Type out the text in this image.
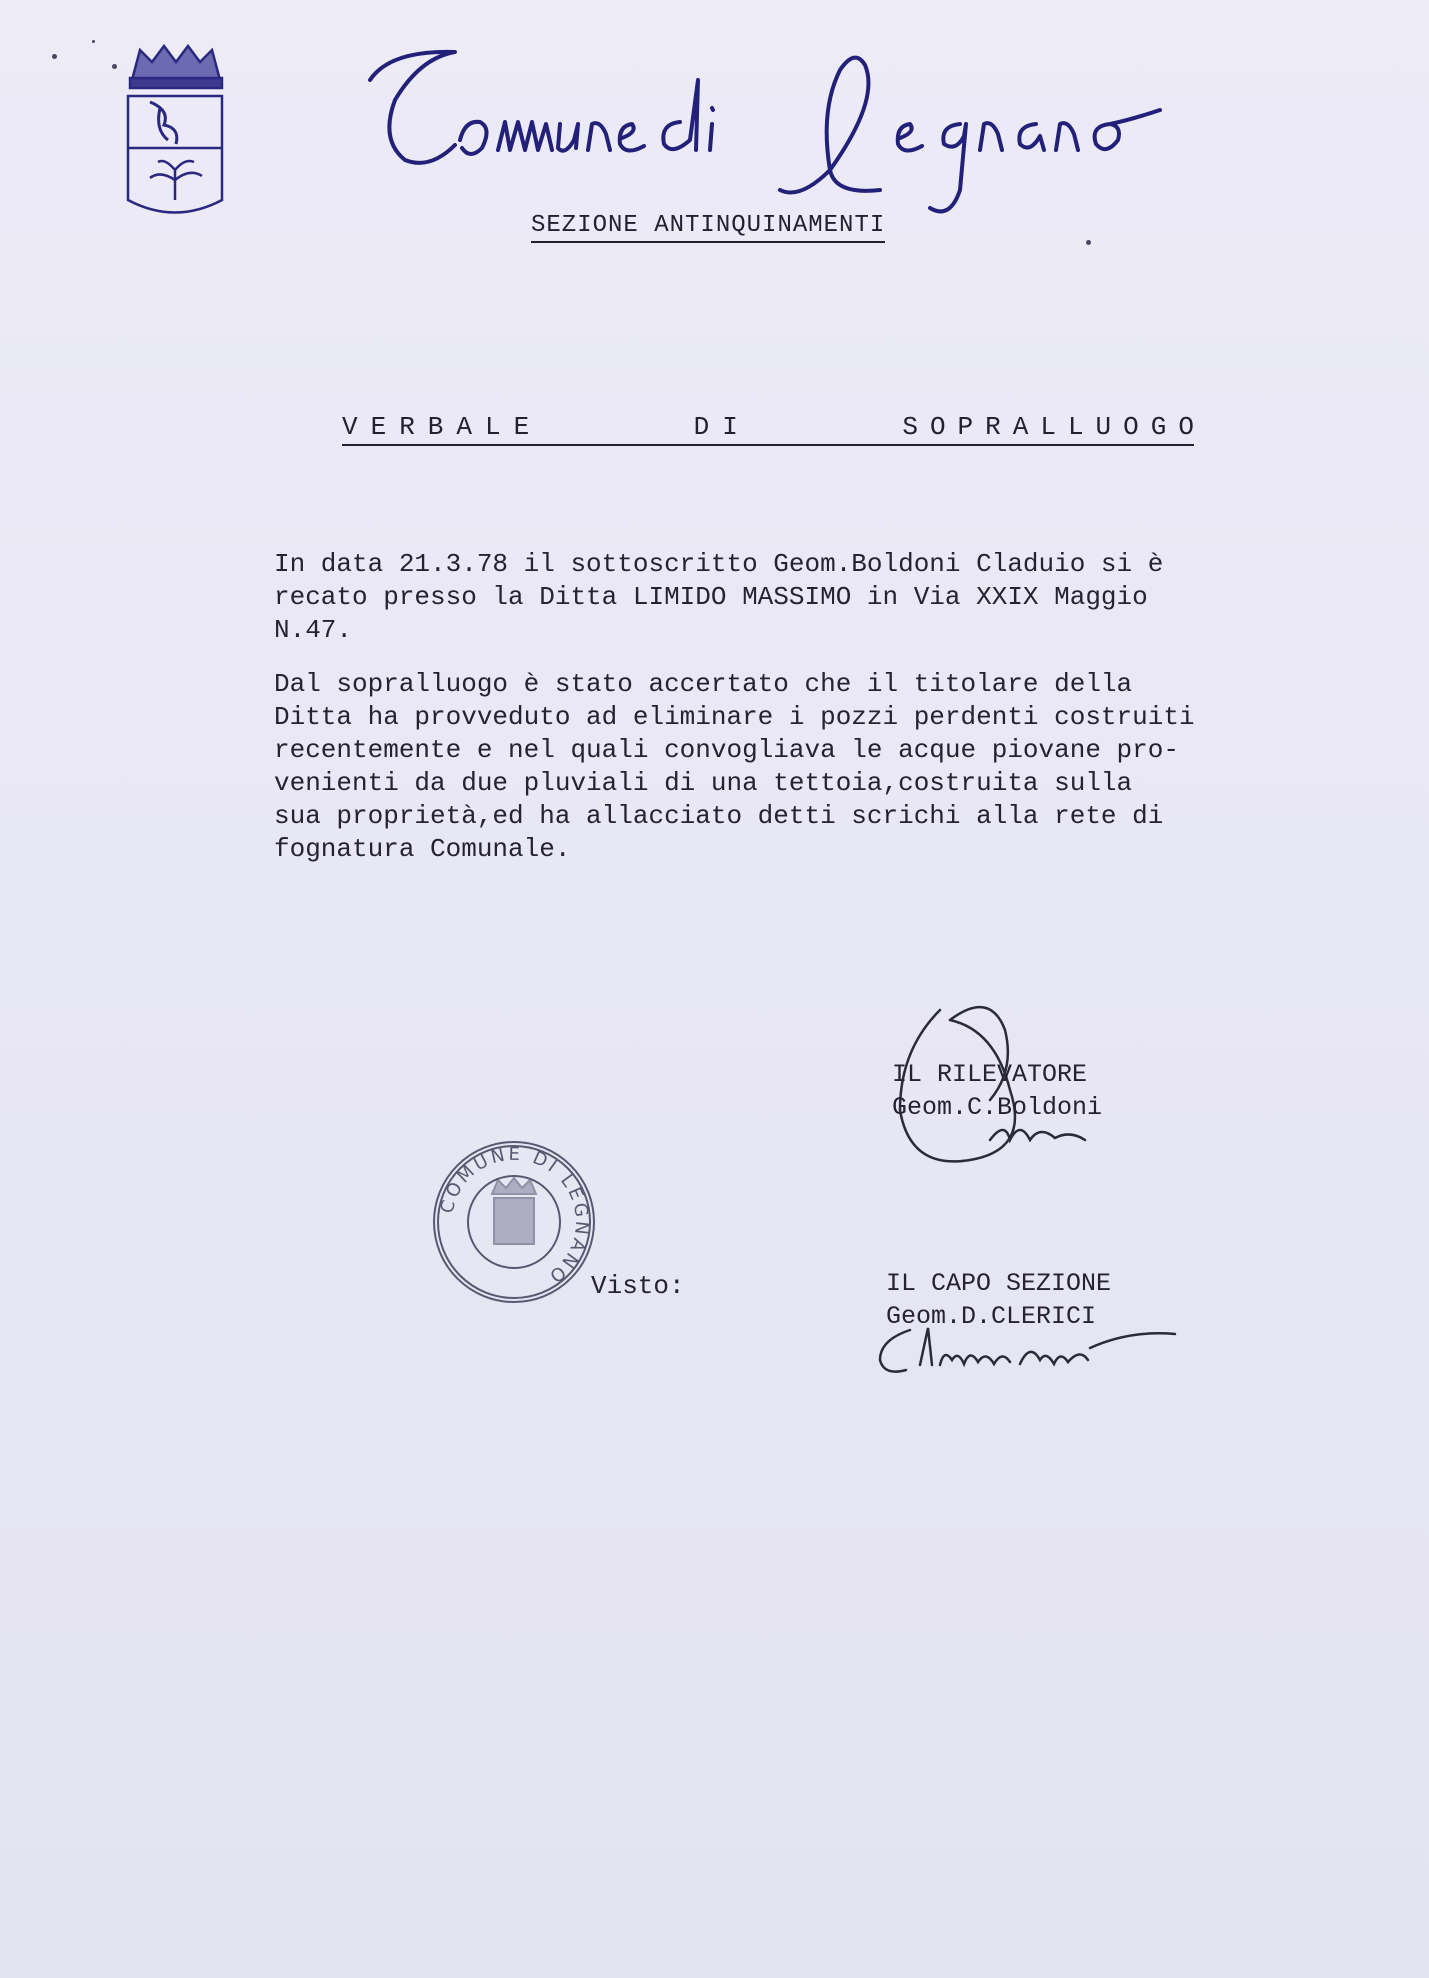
SEZIONE ANTINQUINAMENTI
VERBALE	DI	SOPRALLUOGO

In data 21.3.78 il sottoscritto Geom.Boldoni Claduio si è
recato presso la Ditta LIMIDO MASSIMO in Via XXIX Maggio
N.47.

Dal sopralluogo è stato accertato che il titolare della
Ditta ha provveduto ad eliminare i pozzi perdenti costruiti
recentemente e nel quali convogliava le acque piovane pro-
venienti da due pluviali di una tettoia,costruita sulla
sua proprietà,ed ha allacciato detti scrichi alla rete di
fognatura Comunale.

IL RILEVATORE
Geom.C.Boldoni
COMUNE DI LEGNANO Visto:	IL CAPO SEZIONE
Geom.D.CLERICI
